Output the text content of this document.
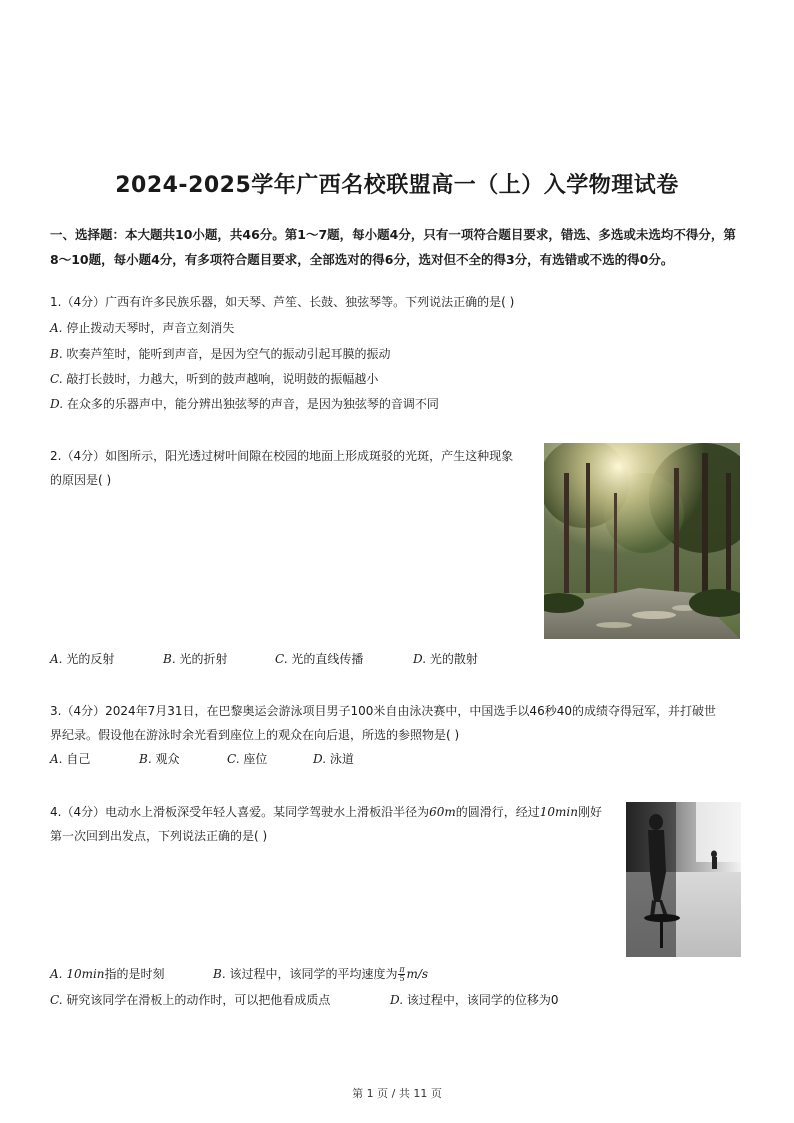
2024-2025学年广西名校联盟高一（上）入学物理试卷
一、选择题：本大题共10小题，共46分。第1～7题，每小题4分，只有一项符合题目要求，错选、多选或未选均不得分，第
8～10题，每小题4分，有多项符合题目要求，全部选对的得6分，选对但不全的得3分，有选错或不选的得0分。
1.（4分）广西有许多民族乐器，如天琴、芦笙、长鼓、独弦琴等。下列说法正确的是( )
A. 停止拨动天琴时，声音立刻消失
B. 吹奏芦笙时，能听到声音，是因为空气的振动引起耳膜的振动
C. 敲打长鼓时，力越大，听到的鼓声越响，说明鼓的振幅越小
D. 在众多的乐器声中，能分辨出独弦琴的声音，是因为独弦琴的音调不同
2.（4分）如图所示，阳光透过树叶间隙在校园的地面上形成斑驳的光斑，产生这种现象
的原因是( )
A. 光的反射	B. 光的折射	C. 光的直线传播	D. 光的散射
3.（4分）2024年7月31日，在巴黎奥运会游泳项目男子100米自由泳决赛中，中国选手以46秒40的成绩夺得冠军，并打破世
界纪录。假设他在游泳时余光看到座位上的观众在向后退，所选的参照物是( )
A. 自己	B. 观众	C. 座位	D. 泳道
4.（4分）电动水上滑板深受年轻人喜爱。某同学驾驶水上滑板沿半径为60m的圆滑行，经过10min刚好
第一次回到出发点，下列说法正确的是( )
A. 10min指的是时刻	B. 该过程中，该同学的平均速度为 $\frac{\pi}{5} m/s$
C. 研究该同学在滑板上的动作时，可以把他看成质点	D. 该过程中，该同学的位移为0
第 1 页 / 共 11 页
